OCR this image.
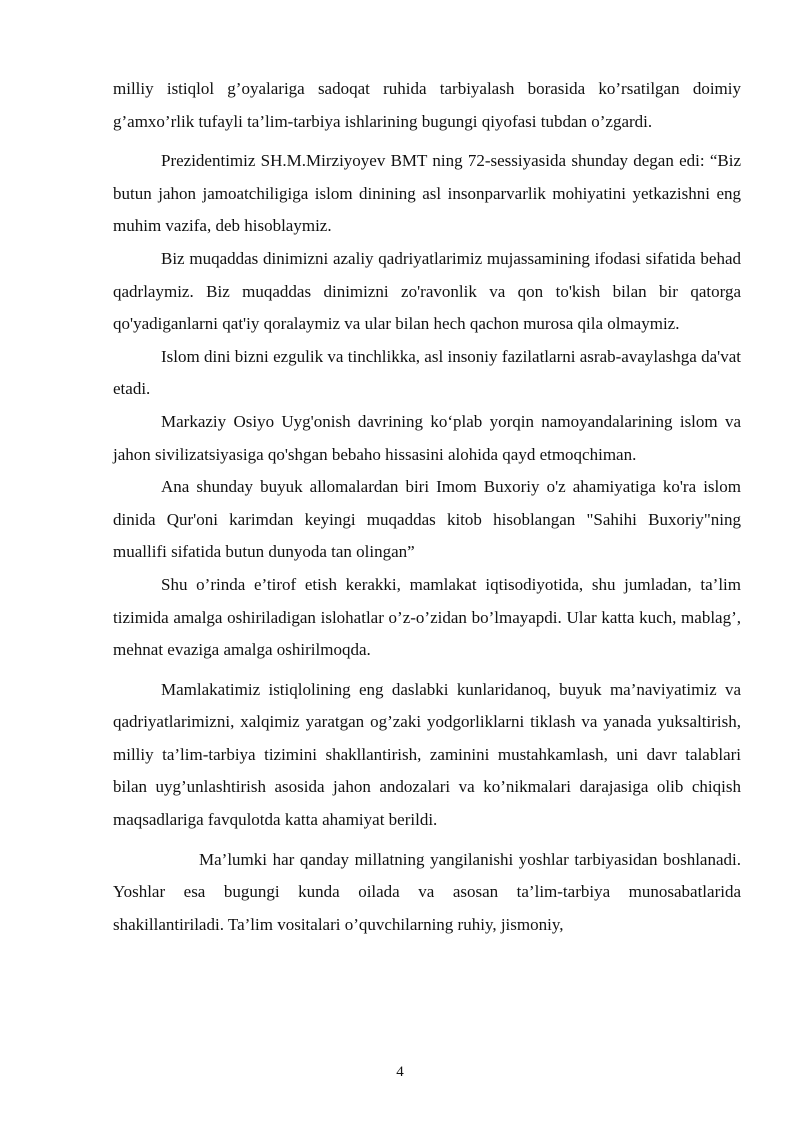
milliy istiqlol g’oyalariga sadoqat ruhida tarbiyalash borasida ko’rsatilgan doimiy g’amxo’rlik tufayli ta’lim-tarbiya ishlarining bugungi qiyofasi tubdan o’zgardi.

Prezidentimiz SH.M.Mirziyoyev BMT ning 72-sessiyasida shunday degan edi: “Biz butun jahon jamoatchiligiga islom dinining asl insonparvarlik mohiyatini yetkazishni eng muhim vazifa, deb hisoblaymiz.

Biz muqaddas dinimizni azaliy qadriyatlarimiz mujassamining ifodasi sifatida behad qadrlaymiz. Biz muqaddas dinimizni zo'ravonlik va qon to'kish bilan bir qatorga qo'yadiganlarni qat'iy qoralaymiz va ular bilan hech qachon murosa qila olmaymiz.

Islom dini bizni ezgulik va tinchlikka, asl insoniy fazilatlarni asrab-avaylashga da'vat etadi.

Markaziy Osiyo Uyg'onish davrining ko‘plab yorqin namoyandalarining islom va jahon sivilizatsiyasiga qo'shgan bebaho hissasini alohida qayd etmoqchiman.

Ana shunday buyuk allomalardan biri Imom Buxoriy o'z ahamiyatiga ko'ra islom dinida Qur'oni karimdan keyingi muqaddas kitob hisoblangan "Sahihi Buxoriy"ning muallifi sifatida butun dunyoda tan olingan”

Shu o’rinda e’tirof etish kerakki, mamlakat iqtisodiyotida, shu jumladan, ta’lim tizimida amalga oshiriladigan islohatlar o’z-o’zidan bo’lmayapdi. Ular katta kuch, mablag’, mehnat evaziga amalga oshirilmoqda.

Mamlakatimiz istiqlolining eng daslabki kunlaridanoq, buyuk ma’naviyatimiz va qadriyatlarimizni, xalqimiz yaratgan og’zaki yodgorliklarni tiklash va yanada yuksaltirish, milliy ta’lim-tarbiya tizimini shakllantirish, zaminini mustahkamlash, uni davr talablari bilan uyg’unlashtirish asosida jahon andozalari va ko’nikmalari darajasiga olib chiqish maqsadlariga favqulotda katta ahamiyat berildi.

Ma’lumki har qanday millatning yangilanishi yoshlar tarbiyasidan boshlanadi. Yoshlar esa bugungi kunda oilada va asosan ta’lim-tarbiya munosabatlarida shakillantiriladi. Ta’lim vositalari o’quvchilarning ruhiy, jismoniy,

4
